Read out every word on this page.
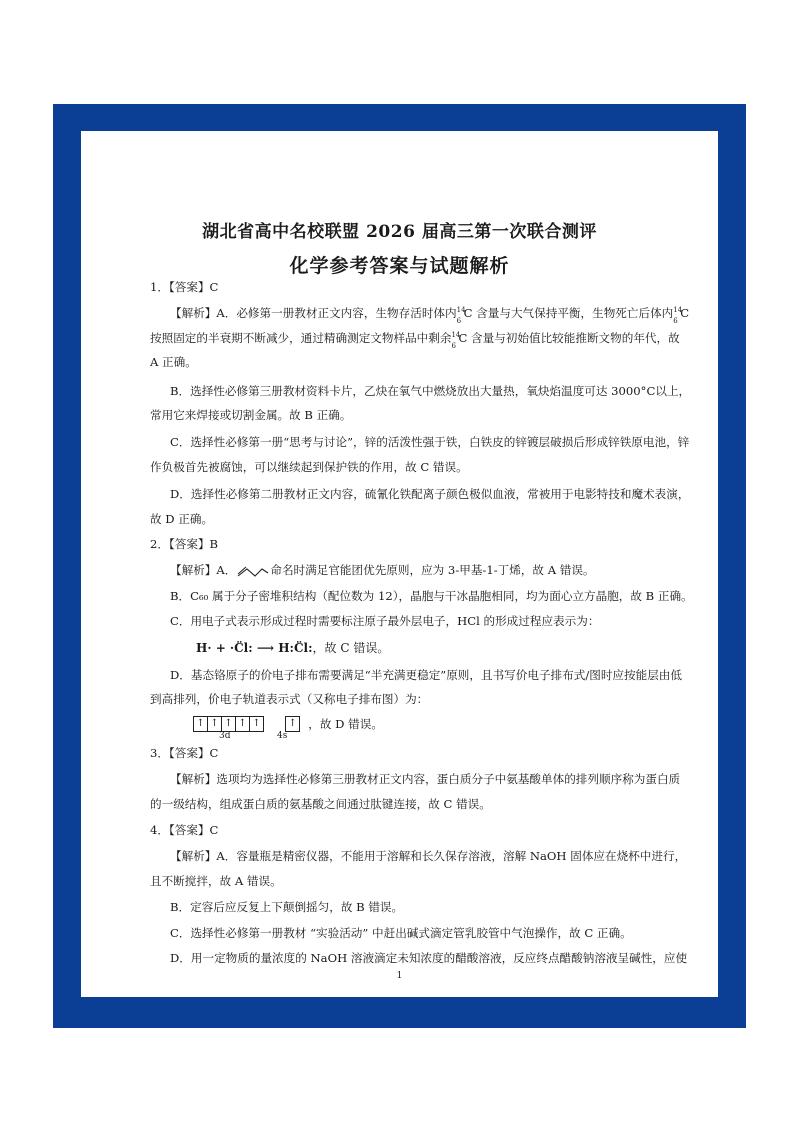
湖北省高中名校联盟 2026 届高三第一次联合测评
化学参考答案与试题解析
1．【答案】C
【解析】A．必修第一册教材正文内容，生物存活时体内 14
6
C 含量与大气保持平衡，生物死亡后体内 14
6
C
按照固定的半衰期不断减少，通过精确测定文物样品中剩余 14
6
C 含量与初始值比较能推断文物的年代，故
A 正确。
B．选择性必修第三册教材资料卡片，乙炔在氧气中燃烧放出大量热，氧炔焰温度可达 3000°C以上，
常用它来焊接或切割金属。故 B 正确。
C．选择性必修第一册“思考与讨论”，锌的活泼性强于铁，白铁皮的锌镀层破损后形成锌铁原电池，锌
作负极首先被腐蚀，可以继续起到保护铁的作用，故 C 错误。
D．选择性必修第二册教材正文内容，硫氰化铁配离子颜色极似血液，常被用于电影特技和魔术表演，
故 D 正确。
2．【答案】B
【解析】A．	命名时满足官能团优先原则，应为 3-甲基-1-丁烯，故 A 错误。
B．C₆₀ 属于分子密堆积结构（配位数为 12），晶胞与干冰晶胞相同，均为面心立方晶胞，故 B 正确。
C．用电子式表示形成过程时需要标注原子最外层电子，HCl 的形成过程应表示为：
H· + ·C̈l: ⟶ H:C̈l:，故 C 错误。
D．基态铬原子的价电子排布需要满足“半充满更稳定”原则，且书写价电子排布式/图时应按能层由低
到高排列，价电子轨道表示式（又称电子排布图）为：
↑ ↑ ↑ ↑ ↑	↑ $^{,故 D 错误。}$
3d	4s
3．【答案】C
【解析】选项均为选择性必修第三册教材正文内容，蛋白质分子中氨基酸单体的排列顺序称为蛋白质
的一级结构，组成蛋白质的氨基酸之间通过肽键连接，故 C 错误。
4．【答案】C
【解析】A．容量瓶是精密仪器，不能用于溶解和长久保存溶液，溶解 NaOH 固体应在烧杯中进行，
且不断搅拌，故 A 错误。
B．定容后应反复上下颠倒摇匀，故 B 错误。
C．选择性必修第一册教材 “实验活动” 中赶出碱式滴定管乳胶管中气泡操作，故 C 正确。
D．用一定物质的量浓度的 NaOH 溶液滴定未知浓度的醋酸溶液，反应终点醋酸钠溶液呈碱性，应使
1
